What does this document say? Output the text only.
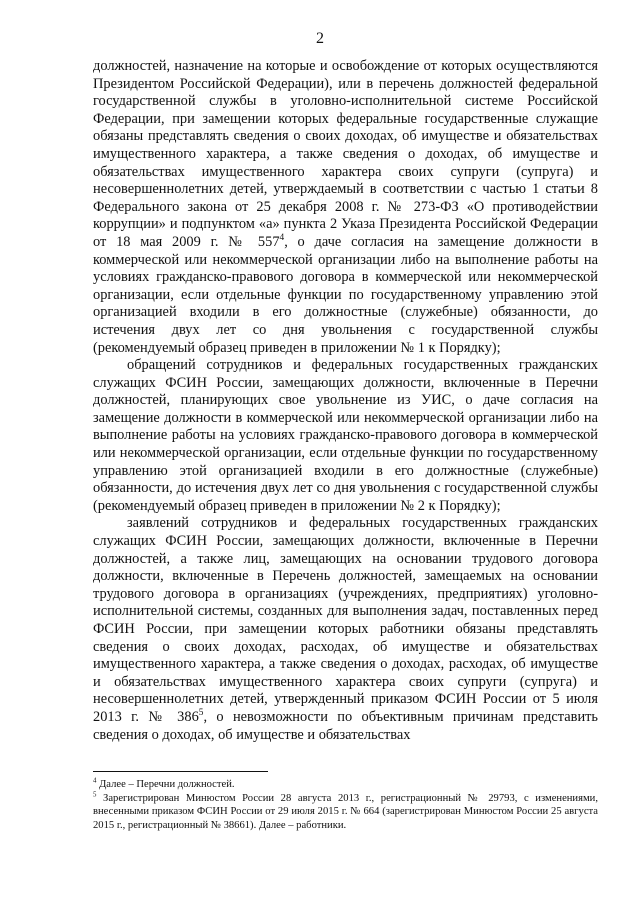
2

должностей, назначение на которые и освобождение от которых осуществляются Президентом Российской Федерации), или в перечень должностей федеральной государственной службы в уголовно-исполнительной системе Российской Федерации, при замещении которых федеральные государственные служащие обязаны представлять сведения о своих доходах, об имуществе и обязательствах имущественного характера, а также сведения о доходах, об имуществе и обязательствах имущественного характера своих супруги (супруга) и несовершеннолетних детей, утверждаемый в соответствии с частью 1 статьи 8 Федерального закона от 25 декабря 2008 г. № 273-ФЗ «О противодействии коррупции» и подпунктом «а» пункта 2 Указа Президента Российской Федерации от 18 мая 2009 г. № $557^4$, о даче согласия на замещение должности в коммерческой или некоммерческой организации либо на выполнение работы на условиях гражданско-правового договора в коммерческой или некоммерческой организации, если отдельные функции по государственному управлению этой организацией входили в его должностные (служебные) обязанности, до истечения двух лет со дня увольнения с государственной службы (рекомендуемый образец приведен в приложении № 1 к Порядку);

обращений сотрудников и федеральных государственных гражданских служащих ФСИН России, замещающих должности, включенные в Перечни должностей, планирующих свое увольнение из УИС, о даче согласия на замещение должности в коммерческой или некоммерческой организации либо на выполнение работы на условиях гражданско-правового договора в коммерческой или некоммерческой организации, если отдельные функции по государственному управлению этой организацией входили в его должностные (служебные) обязанности, до истечения двух лет со дня увольнения с государственной службы (рекомендуемый образец приведен в приложении № 2 к Порядку);

заявлений сотрудников и федеральных государственных гражданских служащих ФСИН России, замещающих должности, включенные в Перечни должностей, а также лиц, замещающих на основании трудового договора должности, включенные в Перечень должностей, замещаемых на основании трудового договора в организациях (учреждениях, предприятиях) уголовно-исполнительной системы, созданных для выполнения задач, поставленных перед ФСИН России, при замещении которых работники обязаны представлять сведения о своих доходах, расходах, об имуществе и обязательствах имущественного характера, а также сведения о доходах, расходах, об имуществе и обязательствах имущественного характера своих супруги (супруга) и несовершеннолетних детей, утвержденный приказом ФСИН России от 5 июля 2013 г. № $386^5$, о невозможности по объективным причинам представить сведения о доходах, об имуществе и обязательствах

$^4$ Далее – Перечни должностей.

$^5$ Зарегистрирован Минюстом России 28 августа 2013 г., регистрационный № 29793, с изменениями, внесенными приказом ФСИН России от 29 июля 2015 г. № 664 (зарегистрирован Минюстом России 25 августа 2015 г., регистрационный № 38661). Далее – работники.
